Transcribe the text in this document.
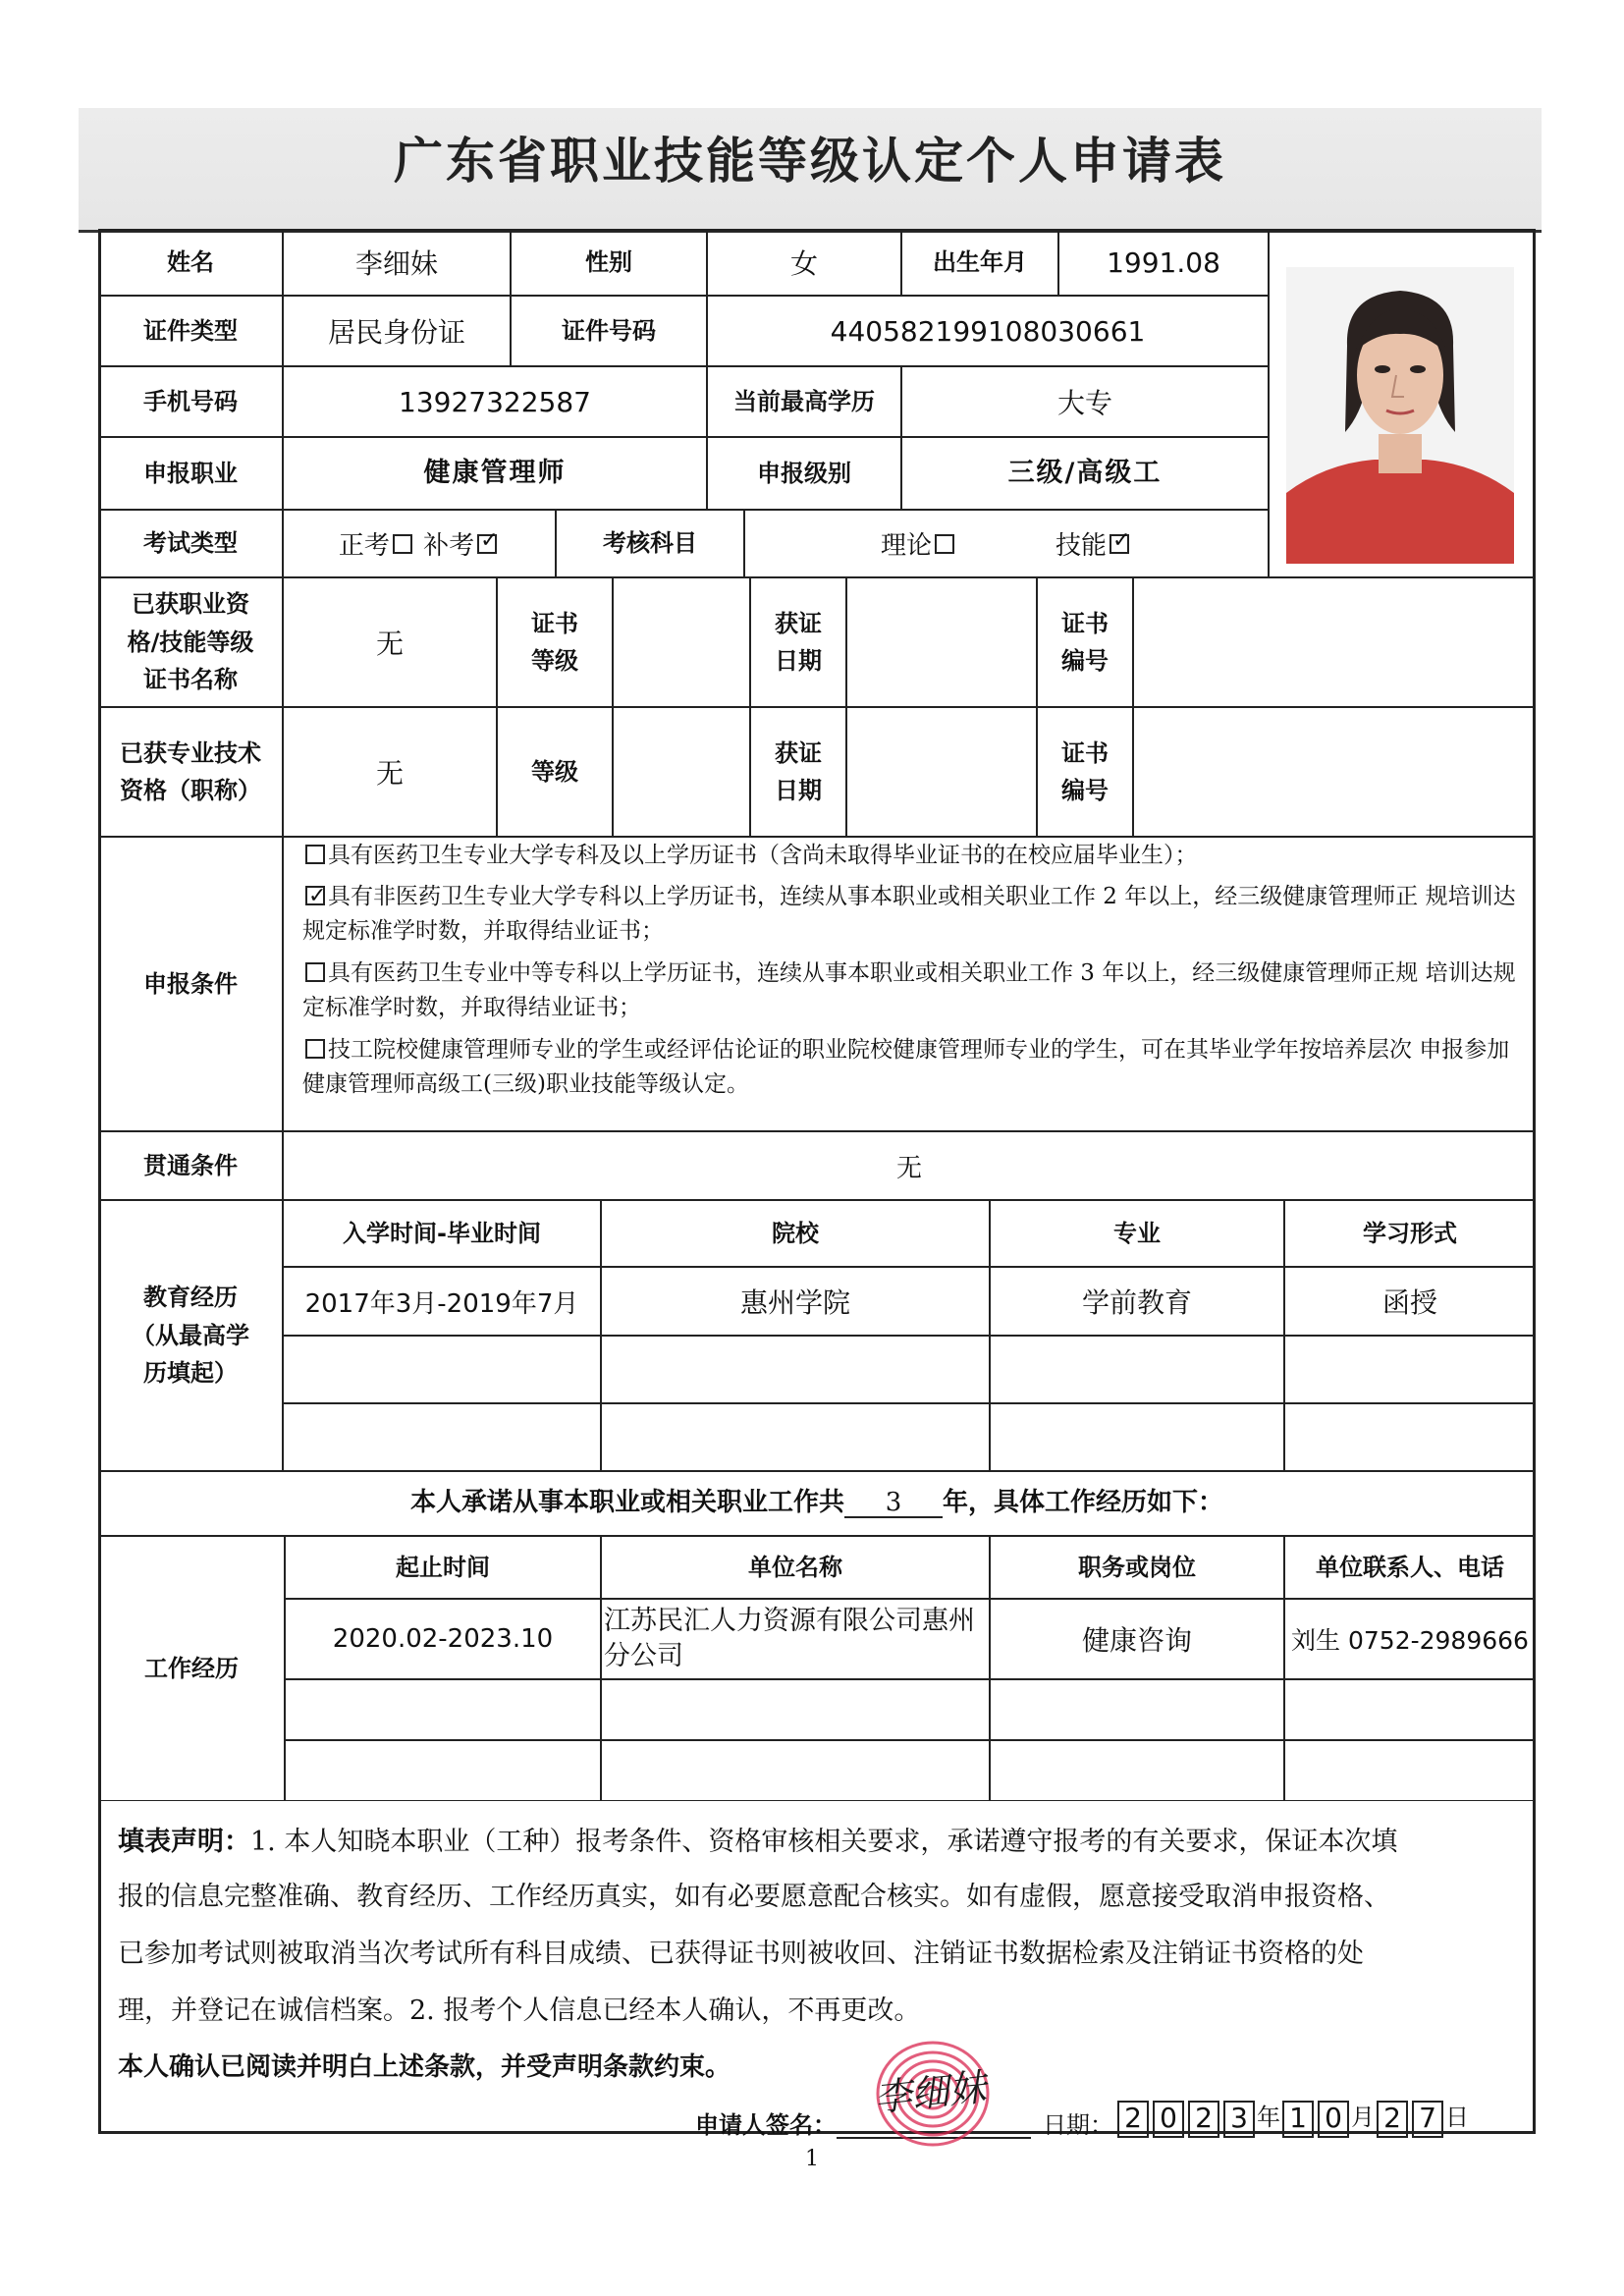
广东省职业技能等级认定个人申请表
姓名	李细妹	性别	女	出生年月	1991.08
证件类型	居民身份证	证件号码	440582199108030661
手机号码	13927322587	当前最高学历	大专
申报职业	健康管理师	申报级别	三级/高级工
考试类型	正考
补考
✓	考核科目	理论	技能
✓
已获职业资格/技能等级证书名称
无
证书等级
获证日期
证书编号
已获专业技术资格（职称）
无	等级
获证日期
证书编号
申报条件
具有医药卫生专业大学专科及以上学历证书（含尚未取得毕业证书的在校应届毕业生）；
✓具有非医药卫生专业大学专科以上学历证书，连续从事本职业或相关职业工作 2 年以上，经三级健康管理师正 规培训达规定标准学时数，并取得结业证书；
具有医药卫生专业中等专科以上学历证书，连续从事本职业或相关职业工作 3 年以上，经三级健康管理师正规 培训达规定标准学时数，并取得结业证书；
技工院校健康管理师专业的学生或经评估论证的职业院校健康管理师专业的学生，可在其毕业学年按培养层次 申报参加健康管理师高级工(三级)职业技能等级认定。
贯通条件	无
教育经历（从最高学历填起）
入学时间-毕业时间	院校	专业	学习形式
2017年3月-2019年7月	惠州学院	学前教育	函授
本人承诺从事本职业或相关职业工作共	3	年，具体工作经历如下：
工作经历
起止时间	单位名称	职务或岗位	单位联系人、电话
2020.02-2023.10
江苏民汇人力资源有限公司惠州分公司	健康咨询	刘生 0752-2989666
填表声明：1. 本人知晓本职业（工种）报考条件、资格审核相关要求，承诺遵守报考的有关要求，保证本次填
报的信息完整准确、教育经历、工作经历真实，如有必要愿意配合核实。如有虚假，愿意接受取消申报资格、
已参加考试则被取消当次考试所有科目成绩、已获得证书则被收回、注销证书数据检索及注销证书资格的处
理，并登记在诚信档案。2. 报考个人信息已经本人确认，不再更改。
本人确认已阅读并明白上述条款，并受声明条款约束。
申请人签名：
李细妹
日期： 2 0 2 3 年 1 0 月 2 7 日
1
